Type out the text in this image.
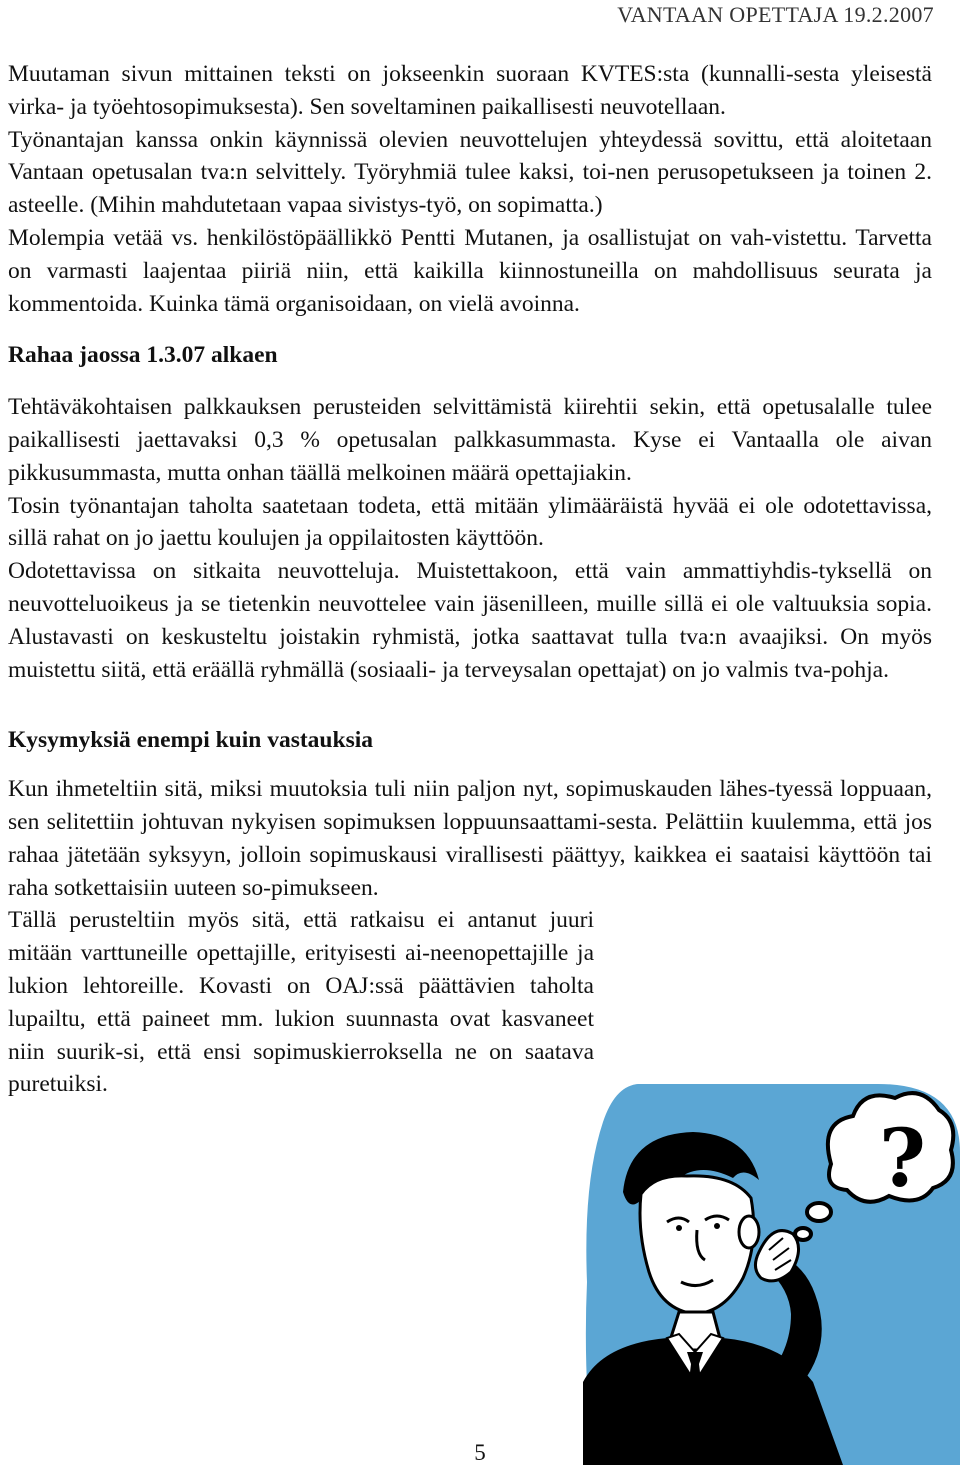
VANTAAN OPETTAJA 19.2.2007

Muutaman sivun mittainen teksti on jokseenkin suoraan KVTES:sta (kunnalli-sesta yleisestä virka- ja työehtosopimuksesta). Sen soveltaminen paikallisesti neuvotellaan.

Työnantajan kanssa onkin käynnissä olevien neuvottelujen yhteydessä sovittu, että aloitetaan Vantaan opetusalan tva:n selvittely. Työryhmiä tulee kaksi, toi-nen perusopetukseen ja toinen 2. asteelle. (Mihin mahdutetaan vapaa sivistys-työ, on sopimatta.)

Molempia vetää vs. henkilöstöpäällikkö Pentti Mutanen, ja osallistujat on vah-vistettu. Tarvetta on varmasti laajentaa piiriä niin, että kaikilla kiinnostuneilla on mahdollisuus seurata ja kommentoida. Kuinka tämä organisoidaan, on vielä avoinna.

Rahaa jaossa 1.3.07 alkaen

Tehtäväkohtaisen palkkauksen perusteiden selvittämistä kiirehtii sekin, että opetusalalle tulee paikallisesti jaettavaksi 0,3 % opetusalan palkkasummasta. Kyse ei Vantaalla ole aivan pikkusummasta, mutta onhan täällä melkoinen määrä opettajiakin.

Tosin työnantajan taholta saatetaan todeta, että mitään ylimääräistä hyvää ei ole odotettavissa, sillä rahat on jo jaettu koulujen ja oppilaitosten käyttöön.

Odotettavissa on sitkaita neuvotteluja. Muistettakoon, että vain ammattiyhdis-tyksellä on neuvotteluoikeus ja se tietenkin neuvottelee vain jäsenilleen, muille sillä ei ole valtuuksia sopia. Alustavasti on keskusteltu joistakin ryhmistä, jotka saattavat tulla tva:n avaajiksi. On myös muistettu siitä, että eräällä ryhmällä (sosiaali- ja terveysalan opettajat) on jo valmis tva-pohja.

Kysymyksiä enempi kuin vastauksia

Kun ihmeteltiin sitä, miksi muutoksia tuli niin paljon nyt, sopimuskauden lähes-tyessä loppuaan, sen selitettiin johtuvan nykyisen sopimuksen loppuunsaattami-sesta. Pelättiin kuulemma, että jos rahaa jätetään syksyyn, jolloin sopimuskausi virallisesti päättyy, kaikkea ei saataisi käyttöön tai raha sotkettaisiin uuteen so-pimukseen.

Tällä perusteltiin myös sitä, että ratkaisu ei antanut juuri mitään varttuneille opettajille, erityisesti ai-neenopettajille ja lukion lehtoreille. Kovasti on OAJ:ssä päättävien taholta lupailtu, että paineet mm. lukion suunnasta ovat kasvaneet niin suurik-si, että ensi sopimuskierroksella ne on saatava puretuiksi.

?
5
